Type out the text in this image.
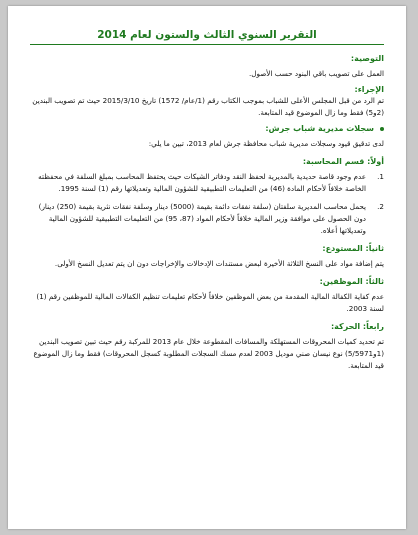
التقرير السنوي الثالث والستون لعام 2014
التوصية:
العمل على تصويب باقي البنود حسب الأصول.
الإجراء:
تم الرد من قبل المجلس الأعلى للشباب بموجب الكتاب رقم (1/عام/ 1572) تاريخ 2015/3/10 حيث تم تصويب البندين (2و5) فقط وما زال الموضوع قيد المتابعة.
سجلات مديرية شباب جرش:
لدى تدقيق قيود وسجلات مديرية شباب محافظة جرش لعام 2013، تبين ما يلي:
أولاً: قسم المحاسبة:
1.
عدم وجود قاصة حديدية بالمديرية لحفظ النقد ودفاتر الشيكات حيث يحتفظ المحاسب بمبلغ السلفة في محفظته الخاصة خلافاً لأحكام المادة (46) من التعليمات التطبيقية للشؤون المالية وتعديلاتها رقم (1) لسنة 1995.
2.
يحمل محاسب المديرية سلفتان (سلفة نفقات دائمة بقيمة (5000) دينار وسلفة نفقات نثرية بقيمة (250) دينار) دون الحصول على موافقة وزير المالية خلافاً لأحكام المواد (87، 95) من التعليمات التطبيقية للشؤون المالية وتعديلاتها أعلاه.
ثانياً: المستودع:
يتم إضافة مواد على النسخ الثلاثة الأخيرة لبعض مستندات الإدخالات والإخراجات دون ان يتم تعديل النسخ الأولى.
ثالثاً: الموظفين:
عدم كفاية الكفالة المالية المقدمة من بعض الموظفين خلافاً لأحكام تعليمات تنظيم الكفالات المالية للموظفين رقم (1) لسنة 2003.
رابعاً: الحركة:
تم تحديد كميات المحروقات المستهلكة والمسافات المقطوعة خلال عام 2013 للمركبة رقم حيث تبين تصويب البندين (1و5/5971) نوع نيسان صني موديل 2003 لعدم مسك السجلات المطلوبة كسجل المحروقات) فقط وما زال الموضوع قيد المتابعة.
